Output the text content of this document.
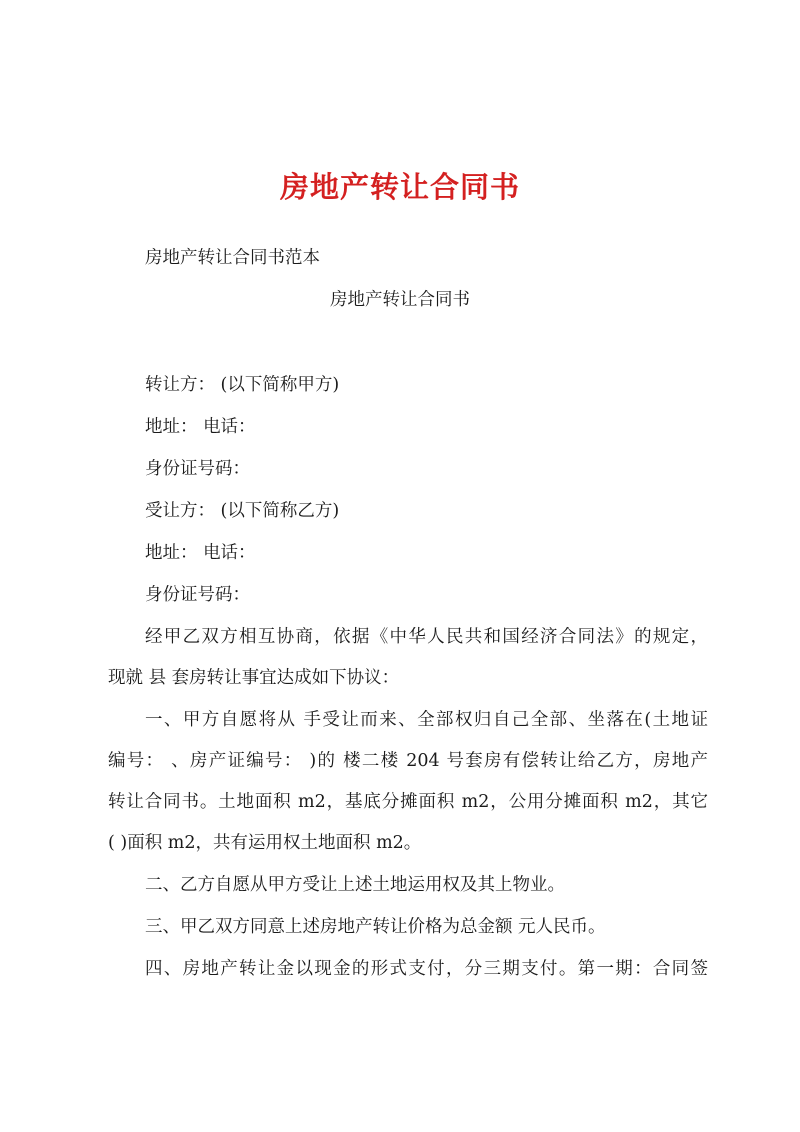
房地产转让合同书
房地产转让合同书范本
房地产转让合同书
转让方： (以下简称甲方)
地址： 电话：
身份证号码：
受让方： (以下简称乙方)
地址： 电话：
身份证号码：
经甲乙双方相互协商，依据《中华人民共和国经济合同法》的规定，
现就 县 套房转让事宜达成如下协议：
一、甲方自愿将从 手受让而来、全部权归自己全部、坐落在(土地证
编号： 、房产证编号： )的 楼二楼 204 号套房有偿转让给乙方，房地产
转让合同书。土地面积 m2，基底分摊面积 m2，公用分摊面积 m2，其它
( )面积 m2，共有运用权土地面积 m2。
二、乙方自愿从甲方受让上述土地运用权及其上物业。
三、甲乙双方同意上述房地产转让价格为总金额 元人民币。
四、房地产转让金以现金的形式支付，分三期支付。第一期：合同签
